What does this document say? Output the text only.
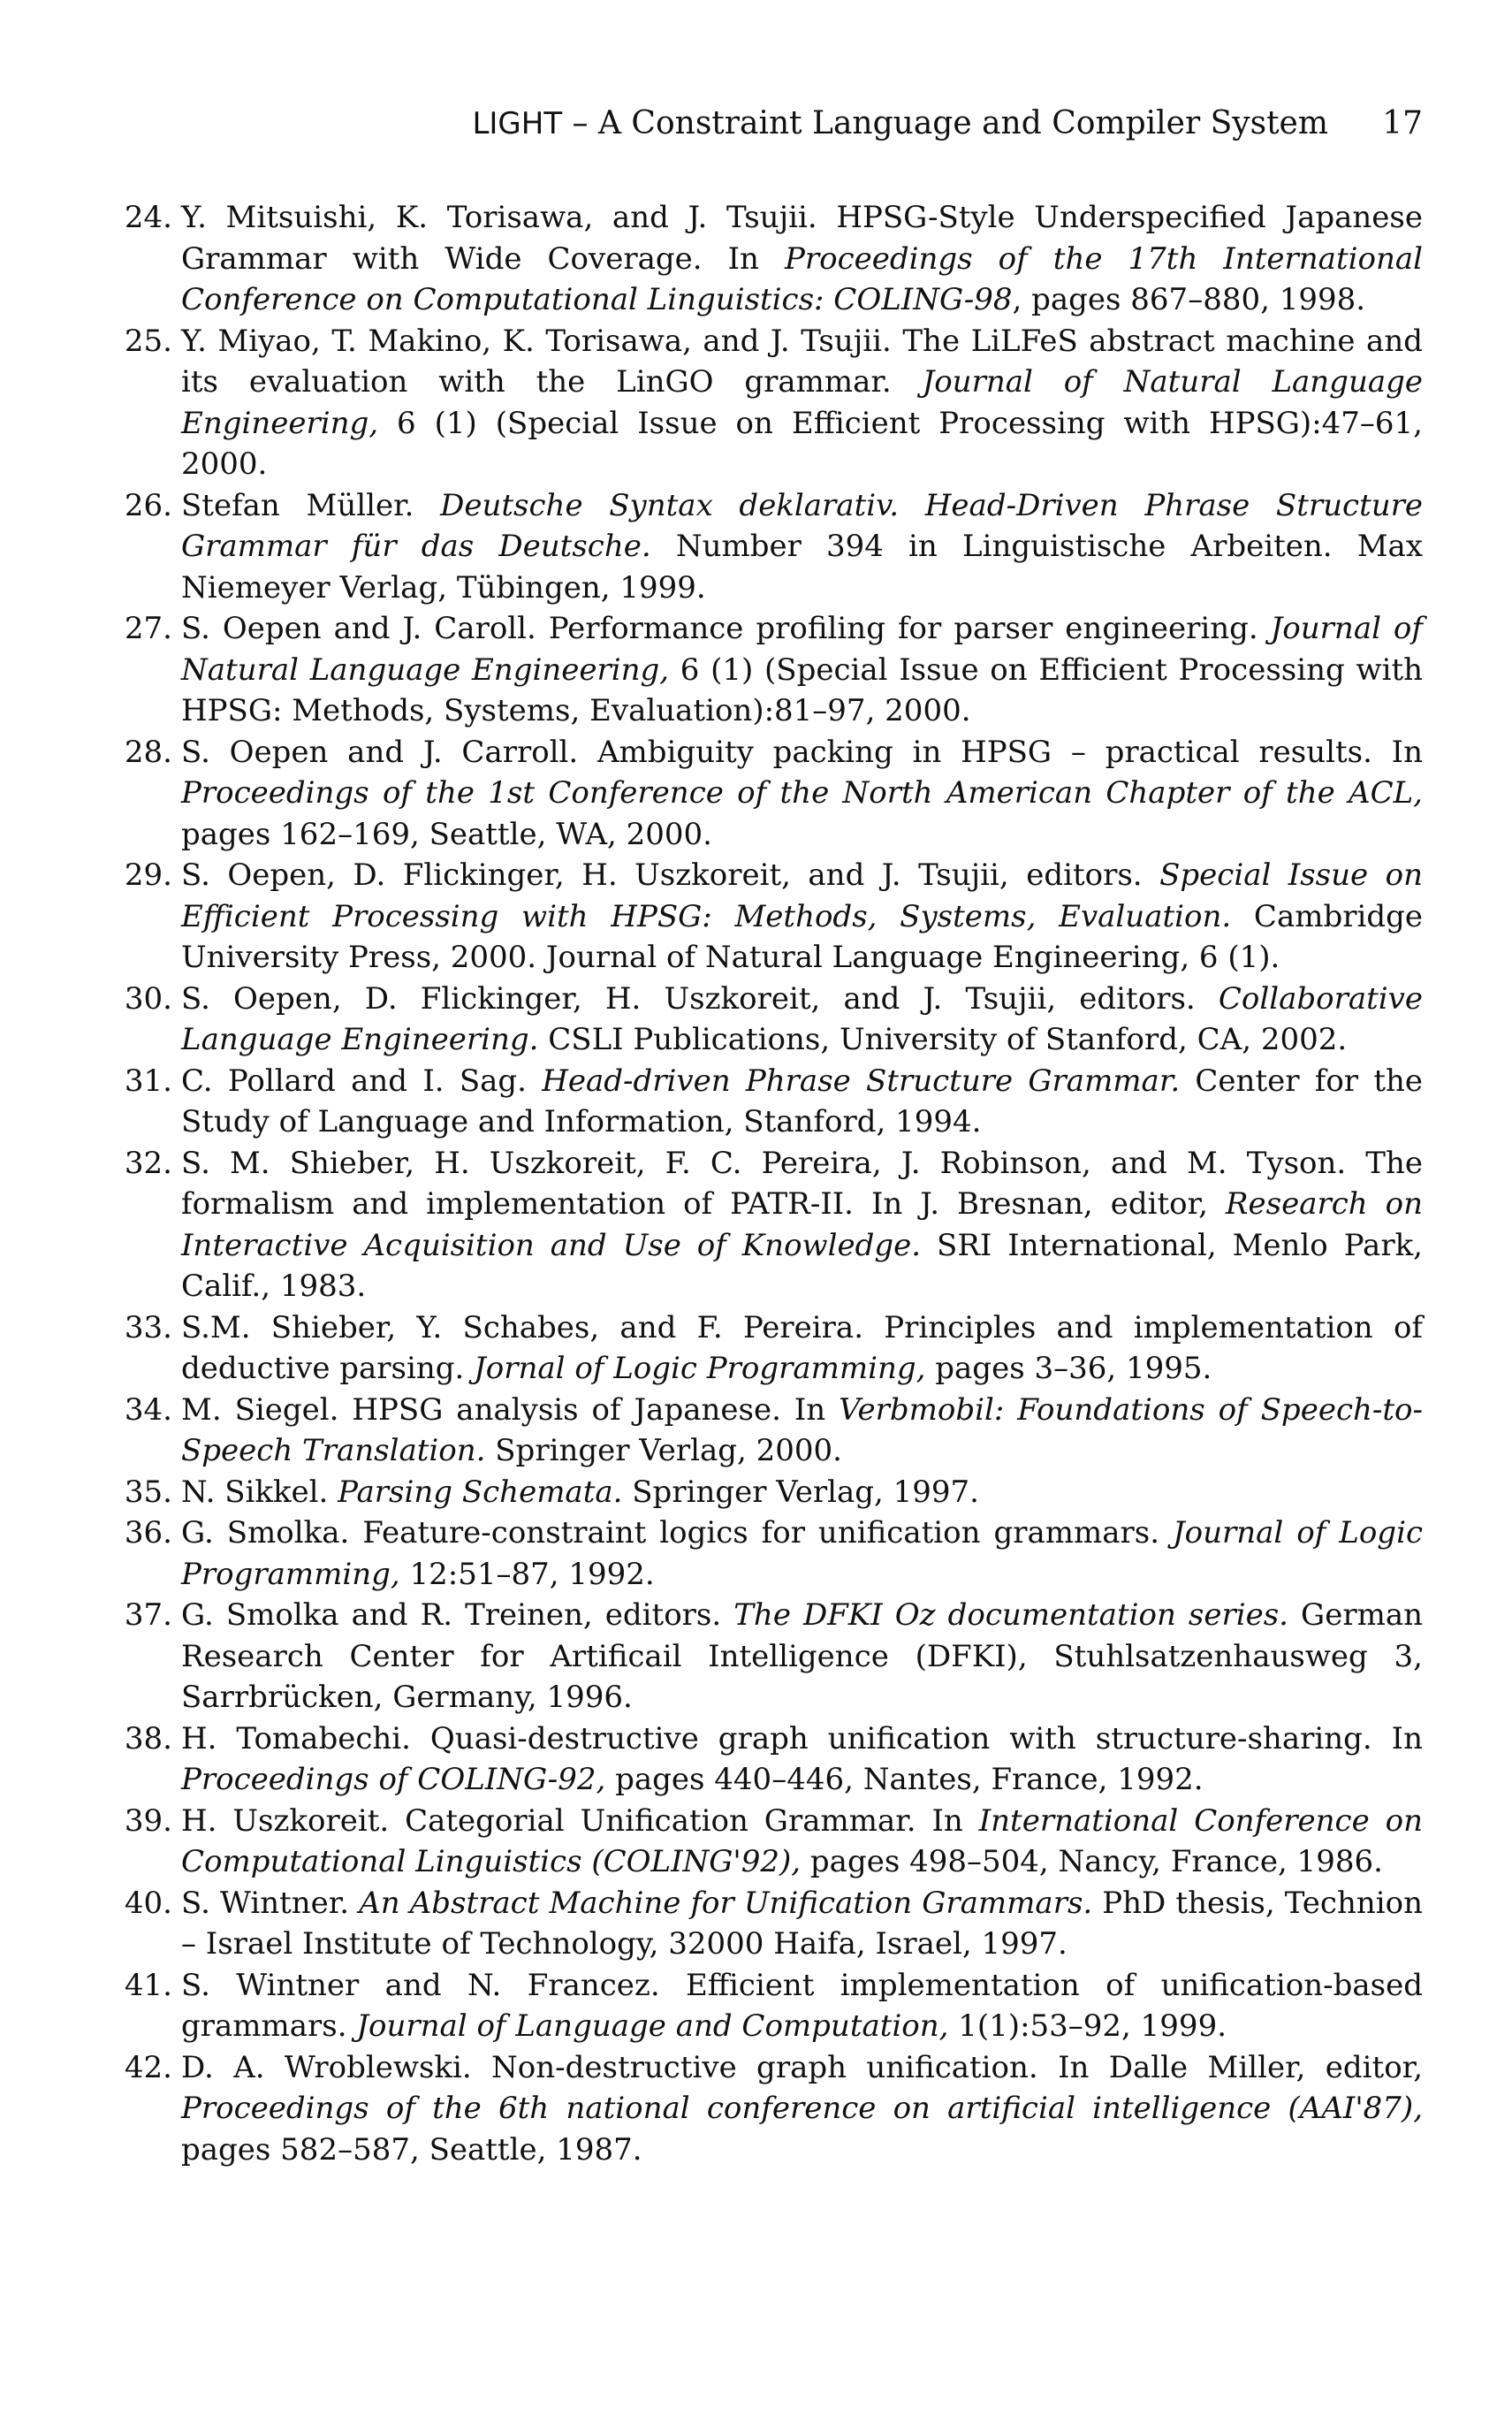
LIGHT – A Constraint Language and Compiler System 17
24. Y. Mitsuishi, K. Torisawa, and J. Tsujii. HPSG-Style Underspecified Japanese Grammar with Wide Coverage. In Proceedings of the 17th International Conference on Computational Linguistics: COLING-98, pages 867–880, 1998.
25. Y. Miyao, T. Makino, K. Torisawa, and J. Tsujii. The LiLFeS abstract machine and its evaluation with the LinGO grammar. Journal of Natural Language Engineering, 6 (1) (Special Issue on Efficient Processing with HPSG):47–61, 2000.
26. Stefan Müller. Deutsche Syntax deklarativ. Head-Driven Phrase Structure Grammar für das Deutsche. Number 394 in Linguistische Arbeiten. Max Niemeyer Verlag, Tübingen, 1999.
27. S. Oepen and J. Caroll. Performance profiling for parser engineering. Journal of Natural Language Engineering, 6 (1) (Special Issue on Efficient Processing with HPSG: Methods, Systems, Evaluation):81–97, 2000.
28. S. Oepen and J. Carroll. Ambiguity packing in HPSG – practical results. In Proceedings of the 1st Conference of the North American Chapter of the ACL, pages 162–169, Seattle, WA, 2000.
29. S. Oepen, D. Flickinger, H. Uszkoreit, and J. Tsujii, editors. Special Issue on Efficient Processing with HPSG: Methods, Systems, Evaluation. Cambridge University Press, 2000. Journal of Natural Language Engineering, 6 (1).
30. S. Oepen, D. Flickinger, H. Uszkoreit, and J. Tsujii, editors. Collaborative Language Engineering. CSLI Publications, University of Stanford, CA, 2002.
31. C. Pollard and I. Sag. Head-driven Phrase Structure Grammar. Center for the Study of Language and Information, Stanford, 1994.
32. S. M. Shieber, H. Uszkoreit, F. C. Pereira, J. Robinson, and M. Tyson. The formalism and implementation of PATR-II. In J. Bresnan, editor, Research on Interactive Acquisition and Use of Knowledge. SRI International, Menlo Park, Calif., 1983.
33. S.M. Shieber, Y. Schabes, and F. Pereira. Principles and implementation of deductive parsing. Jornal of Logic Programming, pages 3–36, 1995.
34. M. Siegel. HPSG analysis of Japanese. In Verbmobil: Foundations of Speech-to-Speech Translation. Springer Verlag, 2000.
35. N. Sikkel. Parsing Schemata. Springer Verlag, 1997.
36. G. Smolka. Feature-constraint logics for unification grammars. Journal of Logic Programming, 12:51–87, 1992.
37. G. Smolka and R. Treinen, editors. The DFKI Oz documentation series. German Research Center for Artificail Intelligence (DFKI), Stuhlsatzenhausweg 3, Sarrbrücken, Germany, 1996.
38. H. Tomabechi. Quasi-destructive graph unification with structure-sharing. In Proceedings of COLING-92, pages 440–446, Nantes, France, 1992.
39. H. Uszkoreit. Categorial Unification Grammar. In International Conference on Computational Linguistics (COLING'92), pages 498–504, Nancy, France, 1986.
40. S. Wintner. An Abstract Machine for Unification Grammars. PhD thesis, Technion – Israel Institute of Technology, 32000 Haifa, Israel, 1997.
41. S. Wintner and N. Francez. Efficient implementation of unification-based grammars. Journal of Language and Computation, 1(1):53–92, 1999.
42. D. A. Wroblewski. Non-destructive graph unification. In Dalle Miller, editor, Proceedings of the 6th national conference on artificial intelligence (AAI'87), pages 582–587, Seattle, 1987.
